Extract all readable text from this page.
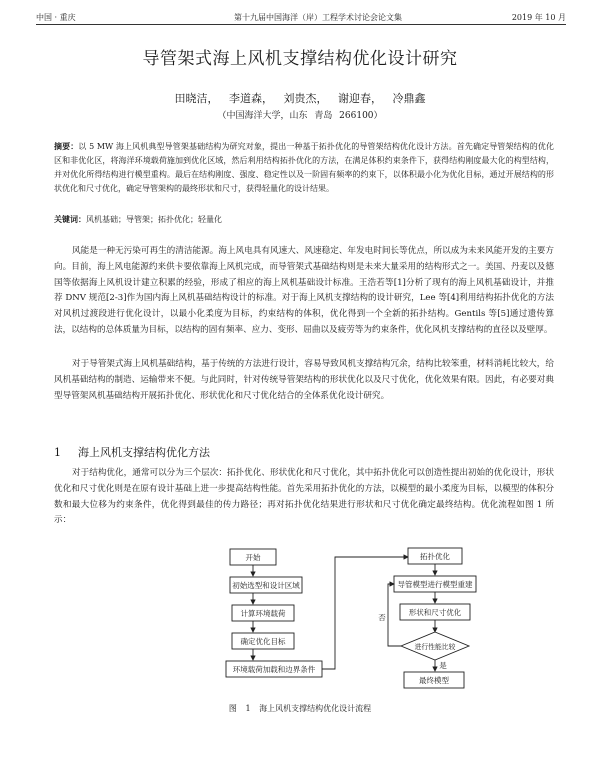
中国 · 重庆	第十九届中国海洋（岸）工程学术讨论会论文集	2019 年 10 月
导管架式海上风机支撑结构优化设计研究
田晓洁， 李道森， 刘贵杰， 谢迎春， 冷鼎鑫
（中国海洋大学，山东 青岛 266100）
摘要：以 5 MW 海上风机典型导管架基础结构为研究对象，提出一种基于拓扑优化的导管架结构优化设计方法。首先确定导管架结构的优化区和非优化区，将海洋环境载荷施加到优化区域，然后利用结构拓扑优化的方法，在满足体积约束条件下，获得结构刚度最大化的构型结构，并对优化所得结构进行模型重构。最后在结构刚度、强度、稳定性以及一阶固有频率的约束下，以体积最小化为优化目标，通过开展结构的形状优化和尺寸优化，确定导管架构的最终形状和尺寸，获得轻量化的设计结果。
关键词：风机基础；导管架；拓扑优化；轻量化

风能是一种无污染可再生的清洁能源。海上风电具有风速大、风速稳定、年发电时间长等优点，所以成为未来风能开发的主要方向。目前，海上风电能源约来供卡要依靠海上风机完成，而导管架式基础结构则是未来大量采用的结构形式之一。美国、丹麦以及德国等依据海上风机设计建立积累的经验，形成了相应的海上风机基础设计标准。王浩若等[1]分析了现有的海上风机基础设计，并推荐 DNV 规范[2-3]作为国内海上风机基础结构设计的标准。对于海上风机支撑结构的设计研究，Lee 等[4]利用结构拓扑优化的方法对风机过渡段进行优化设计，以最小化柔度为目标，约束结构的体积，优化得到一个全新的拓扑结构。Gentils 等[5]通过遗传算法，以结构的总体质量为目标，以结构的固有频率、应力、变形、屈曲以及疲劳等为约束条件，优化风机支撑结构的直径以及壁厚。

对于导管架式海上风机基础结构，基于传统的方法进行设计，容易导致风机支撑结构冗余，结构比较笨重，材料消耗比较大，给风机基础结构的制造、运输带来不便。与此同时，针对传统导管架结构的形状优化以及尺寸优化，优化效果有限。因此，有必要对典型导管架风机基础结构开展拓扑优化、形状优化和尺寸优化结合的全体系优化设计研究。

1 海上风机支撑结构优化方法

对于结构优化，通常可以分为三个层次：拓扑优化、形状优化和尺寸优化，其中拓扑优化可以创造性提出初始的优化设计，形状优化和尺寸优化则是在原有设计基础上进一步提高结构性能。首先采用拓扑优化的方法，以模型的最小柔度为目标，以模型的体积分数和最大位移为约束条件，优化得到最佳的传力路径；再对拓扑优化结果进行形状和尺寸优化确定最终结构。优化流程如图 1 所示：

开始
初始选型和设计区域
计算环境载荷
确定优化目标
环境载荷加载和边界条件
拓扑优化
导管模型进行模型重建
形状和尺寸优化
进行性能比较
是
最终模型
否
图 1 海上风机支撑结构优化设计流程
